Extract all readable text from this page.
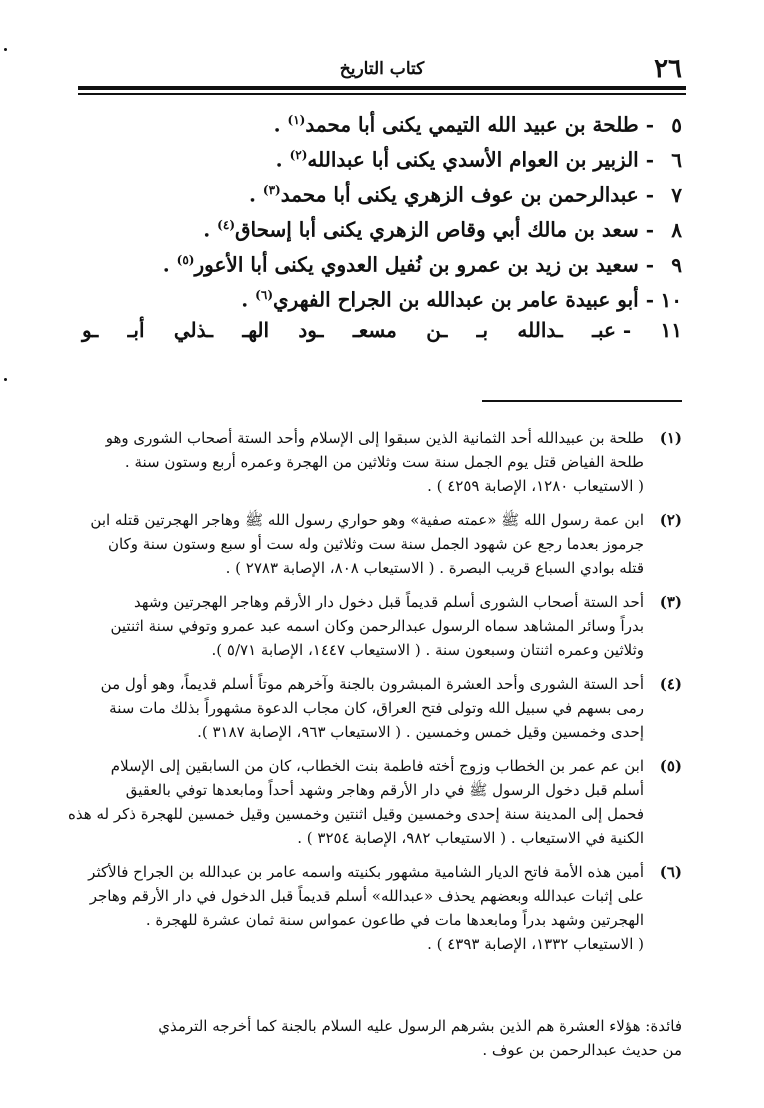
٢٦
كتاب التاريخ
٥- طلحة بن عبيد الله التيمي يكنى أبا محمد$^{(١)}$ .
٦- الزبير بن العوام الأسدي يكنى أبا عبدالله$^{(٢)}$ .
٧- عبدالرحمن بن عوف الزهري يكنى أبا محمد$^{(٣)}$ .
٨- سعد بن مالك أبي وقاص الزهري يكنى أبا إسحاق$^{(٤)}$ .
٩- سعيد بن زيد بن عمرو بن نُفيل العدوي يكنى أبا الأعور$^{(٥)}$ .
١٠- أبو عبيدة عامر بن عبدالله بن الجراح الفهري$^{(٦)}$ .
١١
- عبـ
ـدالله
بـ
ـن
مسعـ
ـود
الهـ
ـذلي
أبـ
ـو
(١)
طلحة بن عبيدالله أحد الثمانية الذين سبقوا إلى الإسلام وأحد الستة أصحاب الشورى وهو
طلحة الفياض قتل يوم الجمل سنة ست وثلاثين من الهجرة وعمره أربع وستون سنة .
( الاستيعاب ١٢٨٠، الإصابة ٤٢٥٩ ) .
(٢)
ابن عمة رسول الله ﷺ «عمته صفية» وهو حواري رسول الله ﷺ وهاجر الهجرتين قتله ابن
جرموز بعدما رجع عن شهود الجمل سنة ست وثلاثين وله ست أو سبع وستون سنة وكان
قتله بوادي السباع قريب البصرة . ( الاستيعاب ٨٠٨، الإصابة ٢٧٨٣ ) .
(٣)
أحد الستة أصحاب الشورى أسلم قديماً قبل دخول دار الأرقم وهاجر الهجرتين وشهد
بدراً وسائر المشاهد سماه الرسول عبدالرحمن وكان اسمه عبد عمرو وتوفي سنة اثنتين
وثلاثين وعمره اثنتان وسبعون سنة . ( الاستيعاب ١٤٤٧، الإصابة ٥/٧١ ).
(٤)
أحد الستة الشورى وأحد العشرة المبشرون بالجنة وآخرهم موتاً أسلم قديماً، وهو أول من
رمى بسهم في سبيل الله وتولى فتح العراق، كان مجاب الدعوة مشهوراً بذلك مات سنة
إحدى وخمسين وقيل خمس وخمسين . ( الاستيعاب ٩٦٣، الإصابة ٣١٨٧ ).
(٥)
ابن عم عمر بن الخطاب وزوج أخته فاطمة بنت الخطاب، كان من السابقين إلى الإسلام
أسلم قبل دخول الرسول ﷺ في دار الأرقم وهاجر وشهد أحداً ومابعدها توفي بالعقيق
فحمل إلى المدينة سنة إحدى وخمسين وقيل اثنتين وخمسين وقيل خمسين للهجرة ذكر له هذه
الكنية في الاستيعاب . ( الاستيعاب ٩٨٢، الإصابة ٣٢٥٤ ) .
(٦)
أمين هذه الأمة فاتح الديار الشامية مشهور بكنيته واسمه عامر بن عبدالله بن الجراح فالأكثر
على إثبات عبدالله وبعضهم يحذف «عبدالله» أسلم قديماً قبل الدخول في دار الأرقم وهاجر
الهجرتين وشهد بدراً ومابعدها مات في طاعون عمواس سنة ثمان عشرة للهجرة .
( الاستيعاب ١٣٣٢، الإصابة ٤٣٩٣ ) .
فائدة: هؤلاء العشرة هم الذين بشرهم الرسول عليه السلام بالجنة كما أخرجه الترمذي
من حديث عبدالرحمن بن عوف .
